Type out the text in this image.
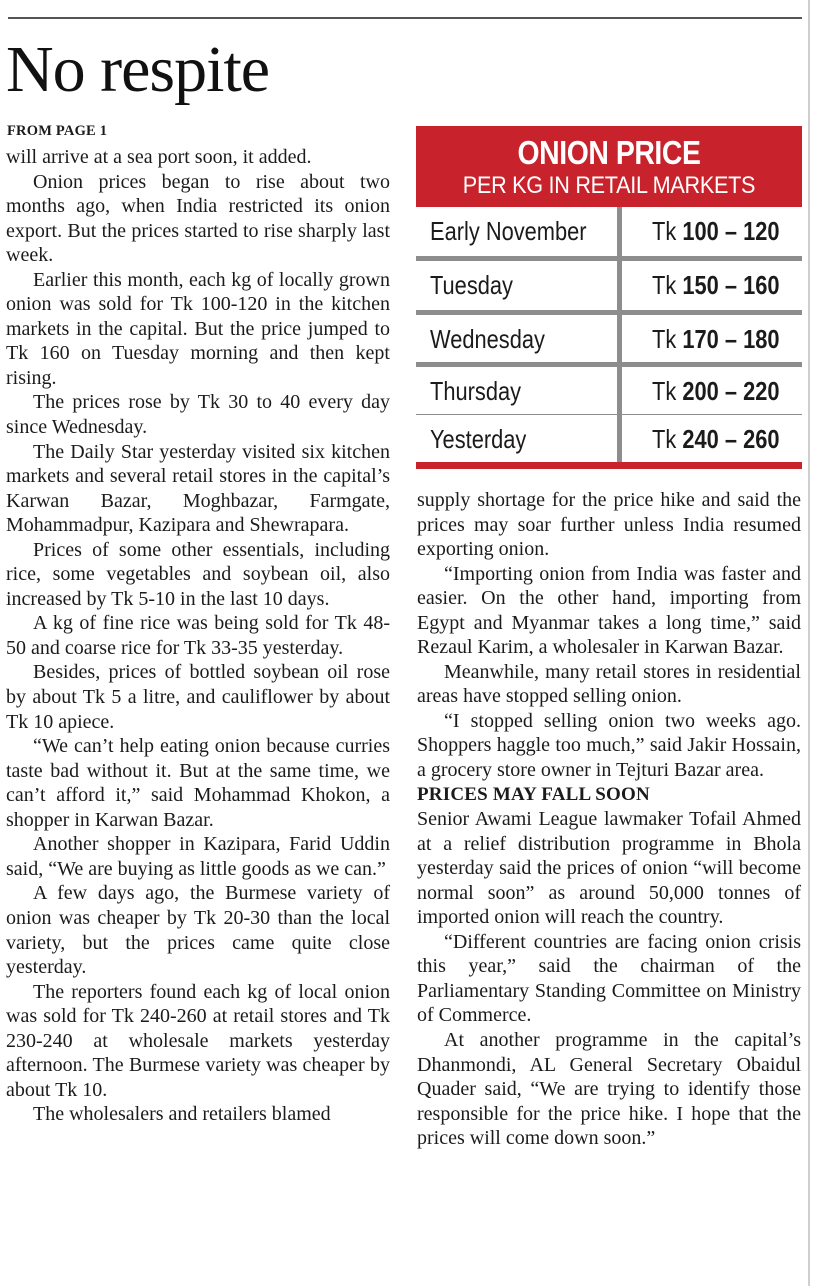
No respite
FROM PAGE 1

will arrive at a sea port soon, it added.

Onion prices began to rise about two months ago, when India restricted its onion export. But the prices started to rise sharply last week.

Earlier this month, each kg of locally grown onion was sold for Tk 100-120 in the kitchen markets in the capital. But the price jumped to Tk 160 on Tuesday morning and then kept rising.

The prices rose by Tk 30 to 40 every day since Wednesday.

The Daily Star yesterday visited six kitchen markets and several retail stores in the capital’s Karwan Bazar, Moghbazar, Farmgate, Mohammadpur, Kazipara and Shewrapara.

Prices of some other essentials, including rice, some vegetables and soybean oil, also increased by Tk 5-10 in the last 10 days.

A kg of fine rice was being sold for Tk 48-50 and coarse rice for Tk 33-35 yesterday.

Besides, prices of bottled soybean oil rose by about Tk 5 a litre, and cauliflower by about Tk 10 apiece.

“We can’t help eating onion because curries taste bad without it. But at the same time, we can’t afford it,” said Mohammad Khokon, a shopper in Karwan Bazar.

Another shopper in Kazipara, Farid Uddin said, “We are buying as little goods as we can.”

A few days ago, the Burmese variety of onion was cheaper by Tk 20-30 than the local variety, but the prices came quite close yesterday.

The reporters found each kg of local onion was sold for Tk 240-260 at retail stores and Tk 230-240 at wholesale markets yesterday afternoon. The Burmese variety was cheaper by about Tk 10.

The wholesalers and retailers blamed

ONION PRICE
PER KG IN RETAIL MARKETS
Early November	Tk 100 – 120
Tuesday	Tk 150 – 160
Wednesday	Tk 170 – 180
Thursday	Tk 200 – 220
Yesterday	Tk 240 – 260

supply shortage for the price hike and said the prices may soar further unless India resumed exporting onion.

“Importing onion from India was faster and easier. On the other hand, importing from Egypt and Myanmar takes a long time,” said Rezaul Karim, a wholesaler in Karwan Bazar.

Meanwhile, many retail stores in residential areas have stopped selling onion.

“I stopped selling onion two weeks ago. Shoppers haggle too much,” said Jakir Hossain, a grocery store owner in Tejturi Bazar area.

PRICES MAY FALL SOON

Senior Awami League lawmaker Tofail Ahmed at a relief distribution programme in Bhola yesterday said the prices of onion “will become normal soon” as around 50,000 tonnes of imported onion will reach the country.

“Different countries are facing onion crisis this year,” said the chairman of the Parliamentary Standing Committee on Ministry of Commerce.

At another programme in the capital’s Dhanmondi, AL General Secretary Obaidul Quader said, “We are trying to identify those responsible for the price hike. I hope that the prices will come down soon.”
